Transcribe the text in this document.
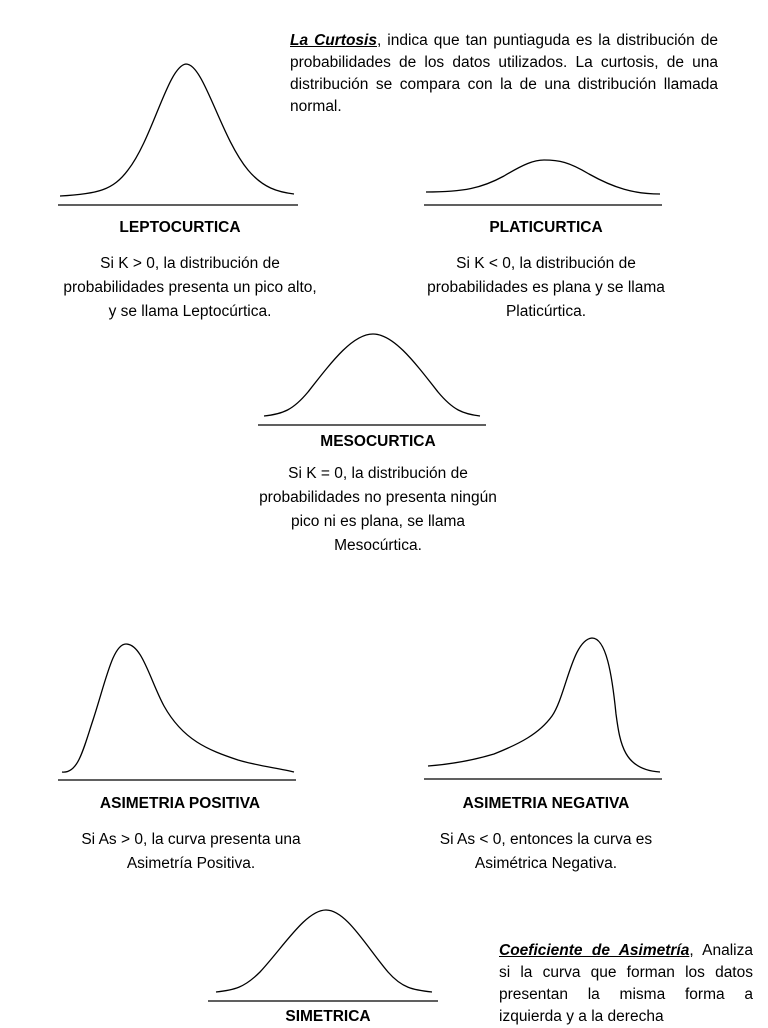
La Curtosis, indica que tan puntiaguda es la distribución de probabilidades de los datos utilizados. La curtosis, de una distribución se compara con la de una distribución llamada normal.
LEPTOCURTICA
Si K > 0, la distribución de probabilidades presenta un pico alto, y se llama Leptocúrtica.
PLATICURTICA
Si K < 0, la distribución de probabilidades es plana y se llama Platicúrtica.
MESOCURTICA
Si K = 0, la distribución de probabilidades no presenta ningún pico ni es plana, se llama Mesocúrtica.
ASIMETRIA POSITIVA
Si As > 0, la curva presenta una Asimetría Positiva.
ASIMETRIA NEGATIVA
Si As < 0, entonces la curva es Asimétrica Negativa.
SIMETRICA
Coeficiente de Asimetría, Analiza si la curva que forman los datos presentan la misma forma a izquierda y a la derecha
